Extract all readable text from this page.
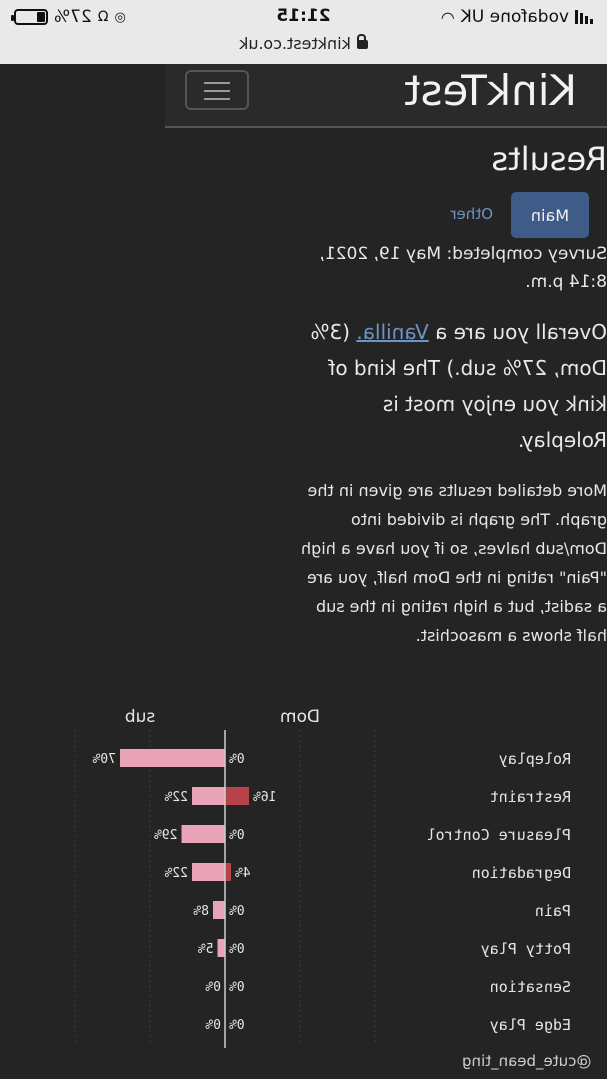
vodafone UK
◠
◎
Ω
27%	21:15
kinktest.co.uk
KinkTest
Results
Main
Other
Survey completed: May 19, 2021,
8:14 p.m.
Overall you are a Vanilla. (3% Dom, 27% sub.) The kind of kink you enjoy most is Roleplay.
More detailed results are given in the graph. The graph is divided into Dom/sub halves, so if you have a high "Pain" rating in the Dom half, you are a sadist, but a high rating in the sub half shows a masochist.
Dom
sub
Roleplay
0%
70%
Restraint
16%
22%
Pleasure Control
0%
29%
Degradation
4%
22%
Pain
0%
8%
Potty Play
0%
5%
Sensation
0%
0%
Edge Play
0%
0%
@cute_bean_ting
